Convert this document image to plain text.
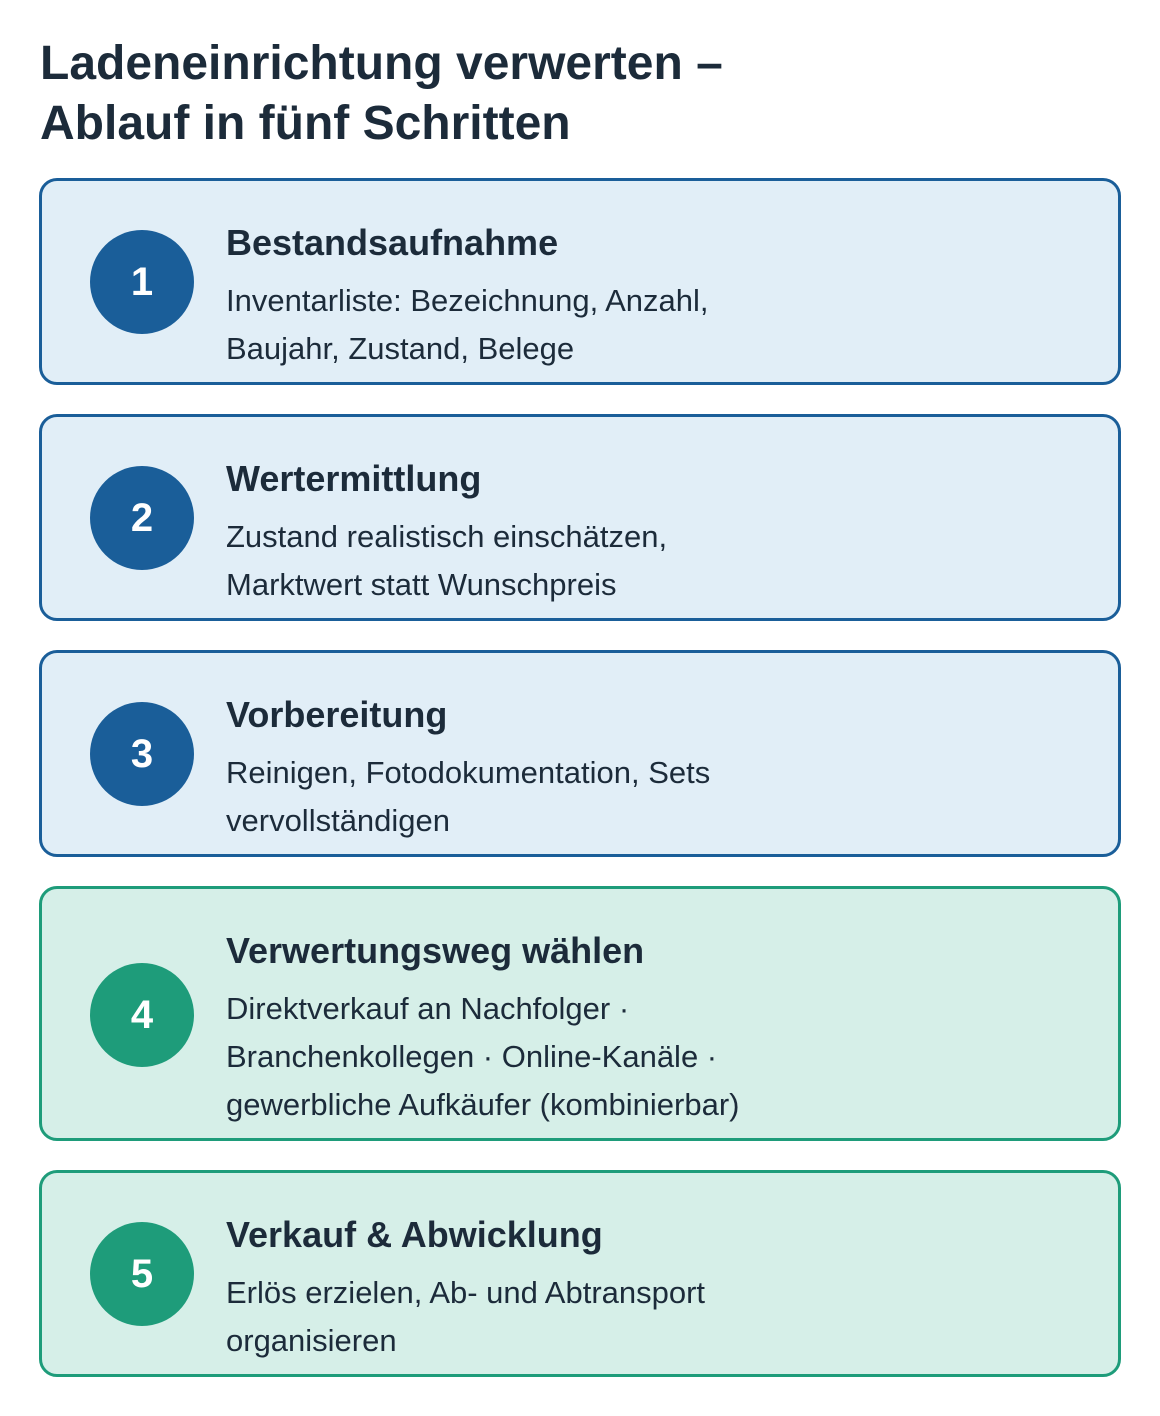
Ladeneinrichtung verwerten –
Ablauf in fünf Schritten
1
Bestandsaufnahme
Inventarliste: Bezeichnung, Anzahl,
Baujahr, Zustand, Belege
2
Wertermittlung
Zustand realistisch einschätzen,
Marktwert statt Wunschpreis
3
Vorbereitung
Reinigen, Fotodokumentation, Sets
vervollständigen
4
Verwertungsweg wählen
Direktverkauf an Nachfolger ·
Branchenkollegen · Online-Kanäle ·
gewerbliche Aufkäufer (kombinierbar)
5
Verkauf & Abwicklung
Erlös erzielen, Ab- und Abtransport
organisieren
